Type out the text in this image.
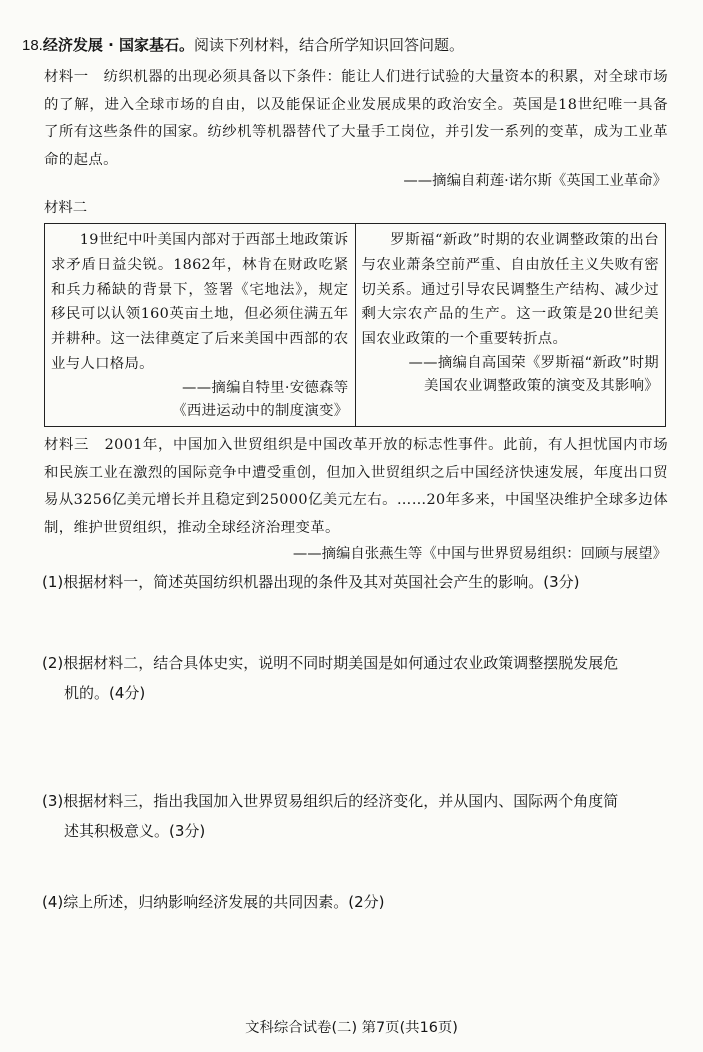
18.经济发展 · 国家基石。阅读下列材料，结合所学知识回答问题。
材料一 纺织机器的出现必须具备以下条件：能让人们进行试验的大量资本的积累，对全球市场的了解，进入全球市场的自由，以及能保证企业发展成果的政治安全。英国是18世纪唯一具备了所有这些条件的国家。纺纱机等机器替代了大量手工岗位，并引发一系列的变革，成为工业革命的起点。
——摘编自莉莲·诺尔斯《英国工业革命》
材料二
19世纪中叶美国内部对于西部土地政策诉求矛盾日益尖锐。1862年，林肯在财政吃紧和兵力稀缺的背景下，签署《宅地法》，规定移民可以认领160英亩土地，但必须住满五年并耕种。这一法律奠定了后来美国中西部的农业与人口格局。
——摘编自特里·安德森等
《西进运动中的制度演变》

罗斯福“新政”时期的农业调整政策的出台与农业萧条空前严重、自由放任主义失败有密切关系。通过引导农民调整生产结构、减少过剩大宗农产品的生产。这一政策是20世纪美国农业政策的一个重要转折点。
——摘编自高国荣《罗斯福“新政”时期
美国农业调整政策的演变及其影响》
材料三 2001年，中国加入世贸组织是中国改革开放的标志性事件。此前，有人担忧国内市场和民族工业在激烈的国际竞争中遭受重创，但加入世贸组织之后中国经济快速发展，年度出口贸易从3256亿美元增长并且稳定到25000亿美元左右。……20年多来，中国坚决维护全球多边体制，维护世贸组织，推动全球经济治理变革。
——摘编自张燕生等《中国与世界贸易组织：回顾与展望》
(1)根据材料一，简述英国纺织机器出现的条件及其对英国社会产生的影响。(3分)
(2)根据材料二，结合具体史实，说明不同时期美国是如何通过农业政策调整摆脱发展危
机的。(4分)
(3)根据材料三，指出我国加入世界贸易组织后的经济变化，并从国内、国际两个角度简
述其积极意义。(3分)
(4)综上所述，归纳影响经济发展的共同因素。(2分)
文科综合试卷(二) 第7页(共16页)
